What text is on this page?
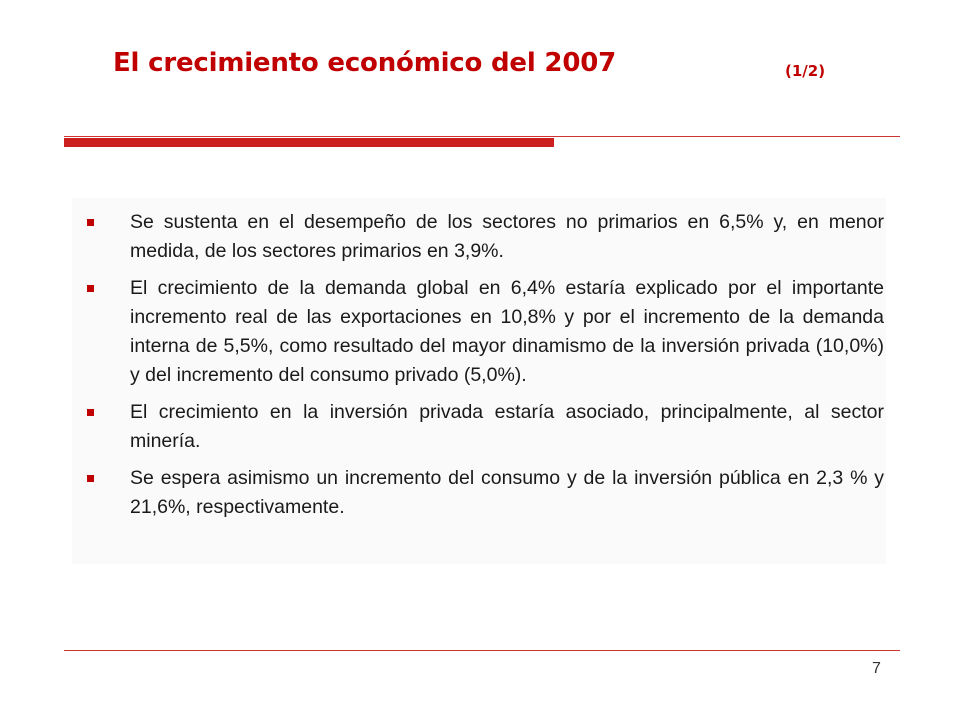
El crecimiento económico del 2007	(1/2)
Se sustenta en el desempeño de los sectores no primarios en 6,5% y, en menor medida, de los sectores primarios en 3,9%.
El crecimiento de la demanda global en 6,4% estaría explicado por el importante incremento real de las exportaciones en 10,8% y por el incremento de la demanda interna de 5,5%, como resultado del mayor dinamismo de la inversión privada (10,0%) y del incremento del consumo privado (5,0%).
El crecimiento en la inversión privada estaría asociado, principalmente, al sector minería.
Se espera asimismo un incremento del consumo y de la inversión pública en 2,3 % y 21,6%, respectivamente.
7
